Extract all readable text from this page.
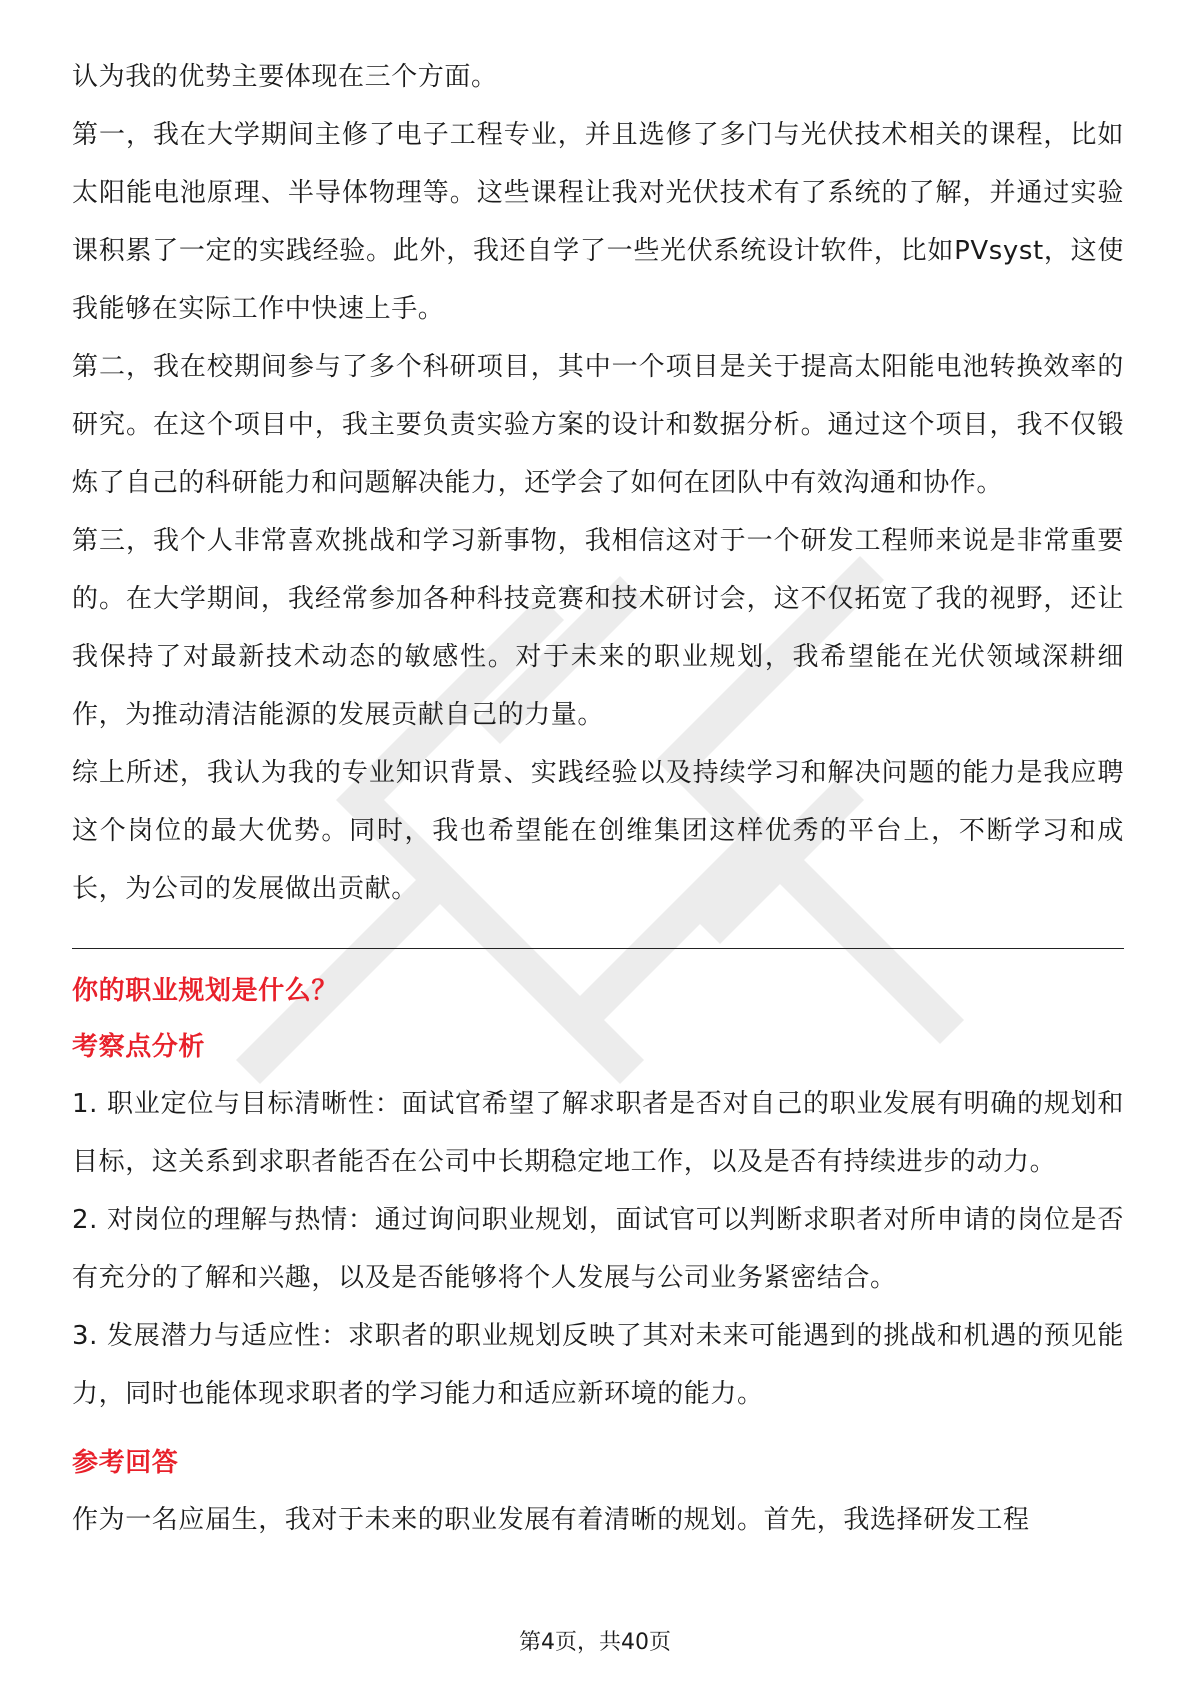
认为我的优势主要体现在三个方面。

第一，我在大学期间主修了电子工程专业，并且选修了多门与光伏技术相关的课程，比如太阳能电池原理、半导体物理等。这些课程让我对光伏技术有了系统的了解，并通过实验课积累了一定的实践经验。此外，我还自学了一些光伏系统设计软件，比如PVsyst，这使我能够在实际工作中快速上手。

第二，我在校期间参与了多个科研项目，其中一个项目是关于提高太阳能电池转换效率的研究。在这个项目中，我主要负责实验方案的设计和数据分析。通过这个项目，我不仅锻炼了自己的科研能力和问题解决能力，还学会了如何在团队中有效沟通和协作。

第三，我个人非常喜欢挑战和学习新事物，我相信这对于一个研发工程师来说是非常重要的。在大学期间，我经常参加各种科技竞赛和技术研讨会，这不仅拓宽了我的视野，还让我保持了对最新技术动态的敏感性。对于未来的职业规划，我希望能在光伏领域深耕细作，为推动清洁能源的发展贡献自己的力量。

综上所述，我认为我的专业知识背景、实践经验以及持续学习和解决问题的能力是我应聘这个岗位的最大优势。同时，我也希望能在创维集团这样优秀的平台上，不断学习和成长，为公司的发展做出贡献。

你的职业规划是什么？

考察点分析

1. 职业定位与目标清晰性：面试官希望了解求职者是否对自己的职业发展有明确的规划和目标，这关系到求职者能否在公司中长期稳定地工作，以及是否有持续进步的动力。

2. 对岗位的理解与热情：通过询问职业规划，面试官可以判断求职者对所申请的岗位是否有充分的了解和兴趣，以及是否能够将个人发展与公司业务紧密结合。

3. 发展潜力与适应性：求职者的职业规划反映了其对未来可能遇到的挑战和机遇的预见能力，同时也能体现求职者的学习能力和适应新环境的能力。

参考回答

作为一名应届生，我对于未来的职业发展有着清晰的规划。首先，我选择研发工程

第4页，共40页
